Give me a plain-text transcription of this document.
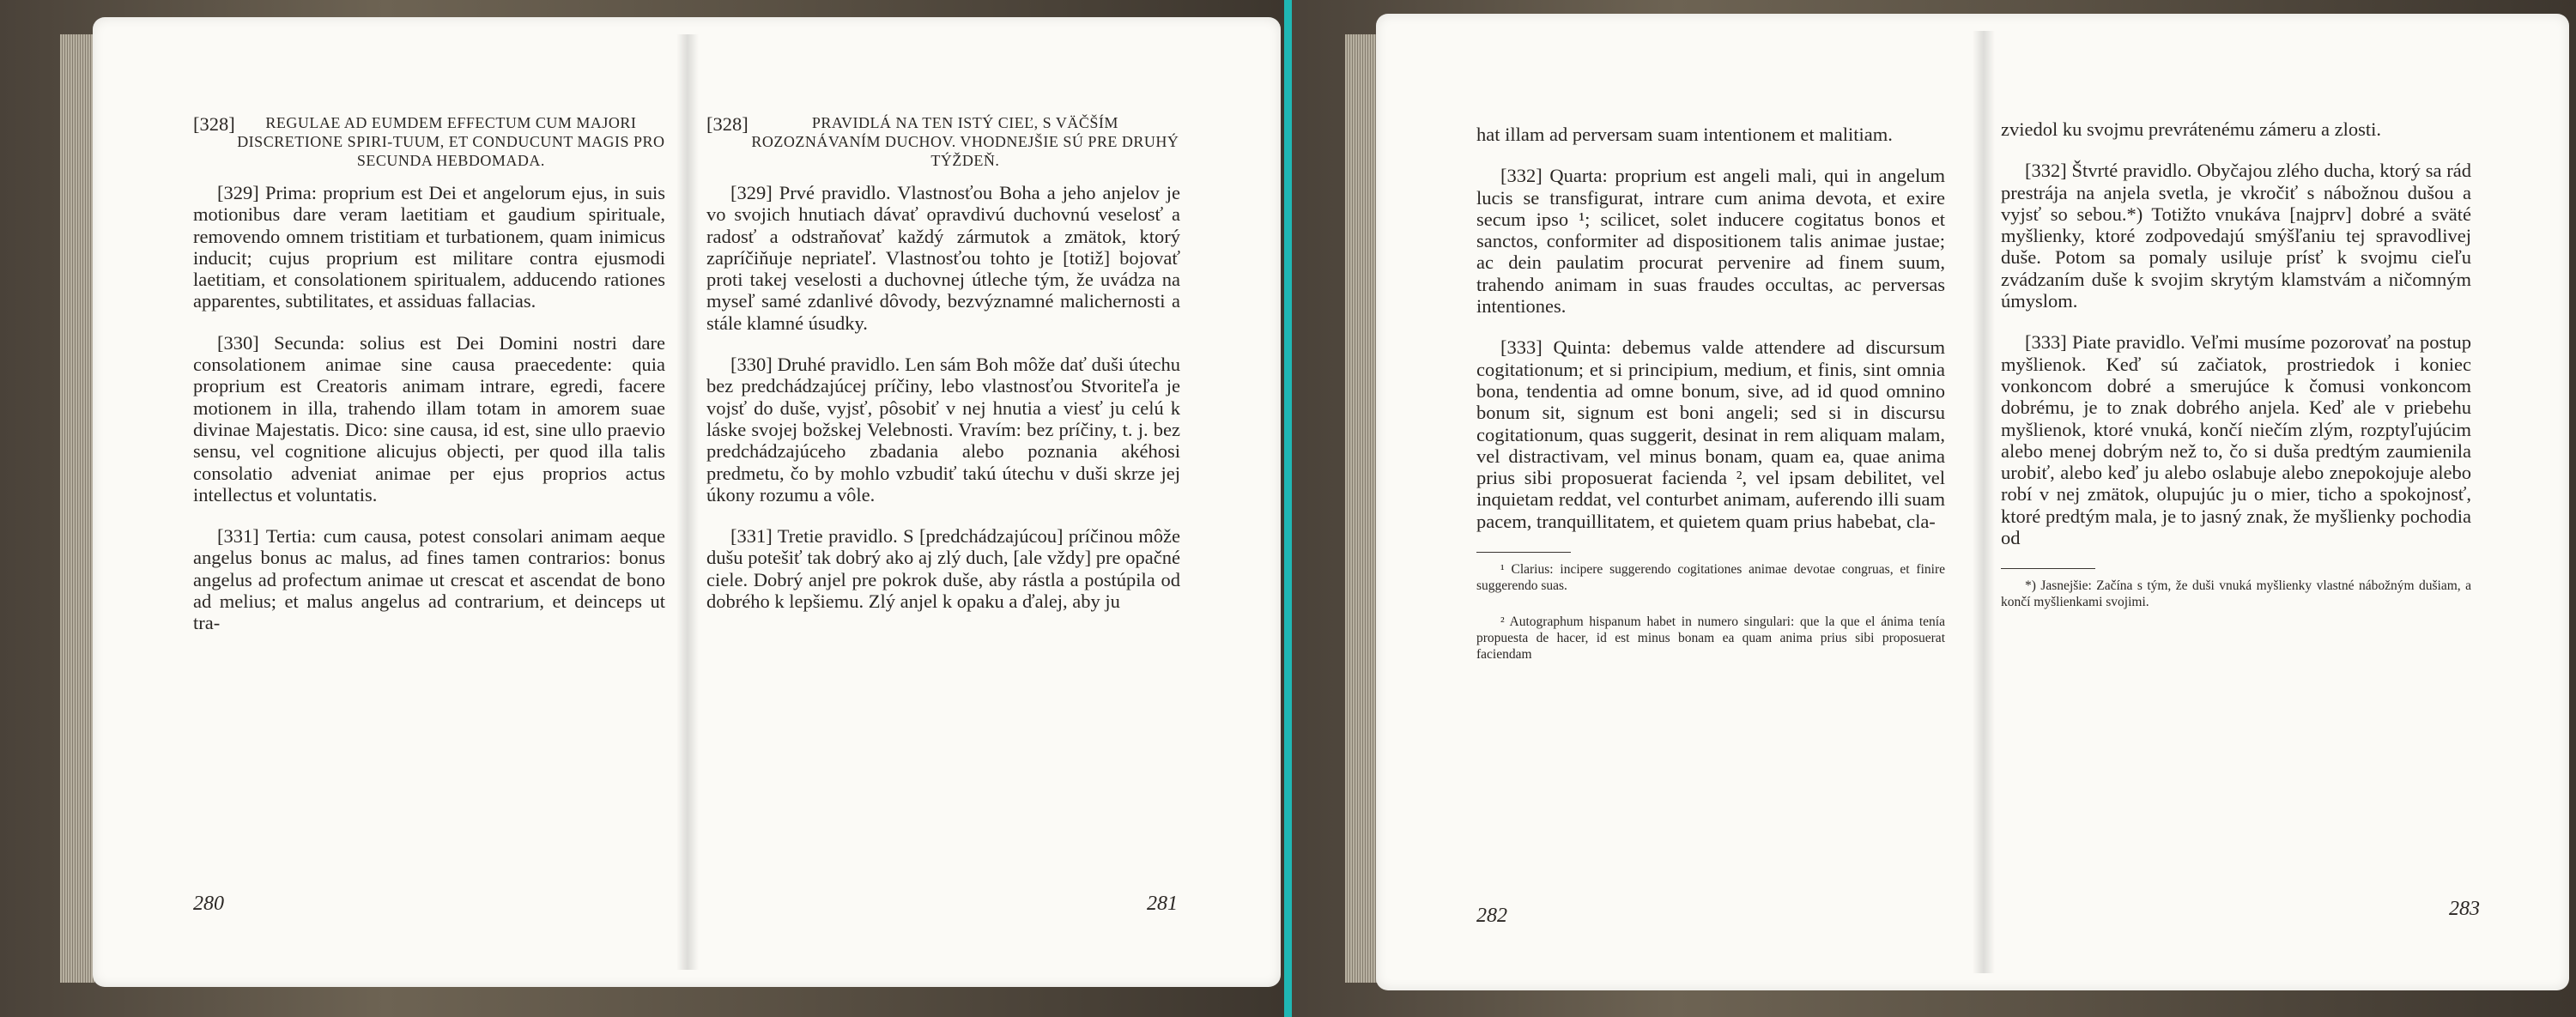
[328]	REGULAE AD EUMDEM EFFECTUM CUM MAJORI DISCRETIONE SPIRI-TUUM, ET CONDUCUNT MAGIS PRO SECUNDA HEBDOMADA.

[329] Prima: proprium est Dei et angelorum ejus, in suis motionibus dare veram laetitiam et gaudium spirituale, removendo omnem tristitiam et turbationem, quam inimicus inducit; cujus proprium est militare contra ejusmodi laetitiam, et consolationem spiritualem, adducendo rationes apparentes, subtilitates, et assiduas fallacias.

[330] Secunda: solius est Dei Domini nostri dare consolationem animae sine causa praecedente: quia proprium est Creatoris animam intrare, egredi, facere motionem in illa, trahendo illam totam in amorem suae divinae Majestatis. Dico: sine causa, id est, sine ullo praevio sensu, vel cognitione alicujus objecti, per quod illa talis consolatio adveniat animae per ejus proprios actus intellectus et voluntatis.

[331] Tertia: cum causa, potest consolari animam aeque angelus bonus ac malus, ad fines tamen contrarios: bonus angelus ad profectum animae ut crescat et ascendat de bono ad melius; et malus angelus ad contrarium, et deinceps ut tra-

280
[328]	PRAVIDLÁ NA TEN ISTÝ CIEĽ, S VÄČŠÍM ROZOZNÁVANÍM DUCHOV. VHODNEJŠIE SÚ PRE DRUHÝ TÝŽDEŇ.

[329] Prvé pravidlo. Vlastnosťou Boha a jeho anjelov je vo svojich hnutiach dávať opravdivú duchovnú veselosť a radosť a odstraňovať každý zármutok a zmätok, ktorý zapríčiňuje nepriateľ. Vlastnosťou tohto je [totiž] bojovať proti takej veselosti a duchovnej útleche tým, že uvádza na myseľ samé zdanlivé dôvody, bezvýznamné malichernosti a stále klamné úsudky.

[330] Druhé pravidlo. Len sám Boh môže dať duši útechu bez predchádzajúcej príčiny, lebo vlastnosťou Stvoriteľa je vojsť do duše, vyjsť, pôsobiť v nej hnutia a viesť ju celú k láske svojej božskej Velebnosti. Vravím: bez príčiny, t. j. bez predchádzajúceho zbadania alebo poznania akéhosi predmetu, čo by mohlo vzbudiť takú útechu v duši skrze jej úkony rozumu a vôle.

[331] Tretie pravidlo. S [predchádzajúcou] príčinou môže dušu potešiť tak dobrý ako aj zlý duch, [ale vždy] pre opačné ciele. Dobrý anjel pre pokrok duše, aby rástla a postúpila od dobrého k lepšiemu. Zlý anjel k opaku a ďalej, aby ju

281

hat illam ad perversam suam intentionem et malitiam.

[332] Quarta: proprium est angeli mali, qui in angelum lucis se transfigurat, intrare cum anima devota, et exire secum ipso ¹; scilicet, solet inducere cogitatus bonos et sanctos, conformiter ad dispositionem talis animae justae; ac dein paulatim procurat pervenire ad finem suum, trahendo animam in suas fraudes occultas, ac perversas intentiones.

[333] Quinta: debemus valde attendere ad discursum cogitationum; et si principium, medium, et finis, sint omnia bona, tendentia ad omne bonum, sive, ad id quod omnino bonum sit, signum est boni angeli; sed si in discursu cogitationum, quas suggerit, desinat in rem aliquam malam, vel distractivam, vel minus bonam, quam ea, quae anima prius sibi proposuerat facienda ², vel ipsam debilitet, vel inquietam reddat, vel conturbet animam, auferendo illi suam pacem, tranquillitatem, et quietem quam prius habebat, cla-

¹ Clarius: incipere suggerendo cogitationes animae devotae congruas, et finire suggerendo suas.

² Autographum hispanum habet in numero singulari: que la que el ánima tenía propuesta de hacer, id est minus bonam ea quam anima prius sibi proposuerat faciendam

282

zviedol ku svojmu prevrátenému zámeru a zlosti.

[332] Štvrté pravidlo. Obyčajou zlého ducha, ktorý sa rád prestrája na anjela svetla, je vkročiť s nábožnou dušou a vyjsť so sebou.*) Totižto vnukáva [najprv] dobré a sväté myšlienky, ktoré zodpovedajú smýšľaniu tej spravodlivej duše. Potom sa pomaly usiluje prísť k svojmu cieľu zvádzaním duše k svojim skrytým klamstvám a ničomným úmyslom.

[333] Piate pravidlo. Veľmi musíme pozorovať na postup myšlienok. Keď sú začiatok, prostriedok i koniec vonkoncom dobré a smerujúce k čomusi vonkoncom dobrému, je to znak dobrého anjela. Keď ale v priebehu myšlienok, ktoré vnuká, končí niečím zlým, rozptyľujúcim alebo menej dobrým než to, čo si duša predtým zaumienila urobiť, alebo keď ju alebo oslabuje alebo znepokojuje alebo robí v nej zmätok, olupujúc ju o mier, ticho a spokojnosť, ktoré predtým mala, je to jasný znak, že myšlienky pochodia od

*) Jasnejšie: Začína s tým, že duši vnuká myšlienky vlastné nábožným dušiam, a končí myšlienkami svojimi.

283
